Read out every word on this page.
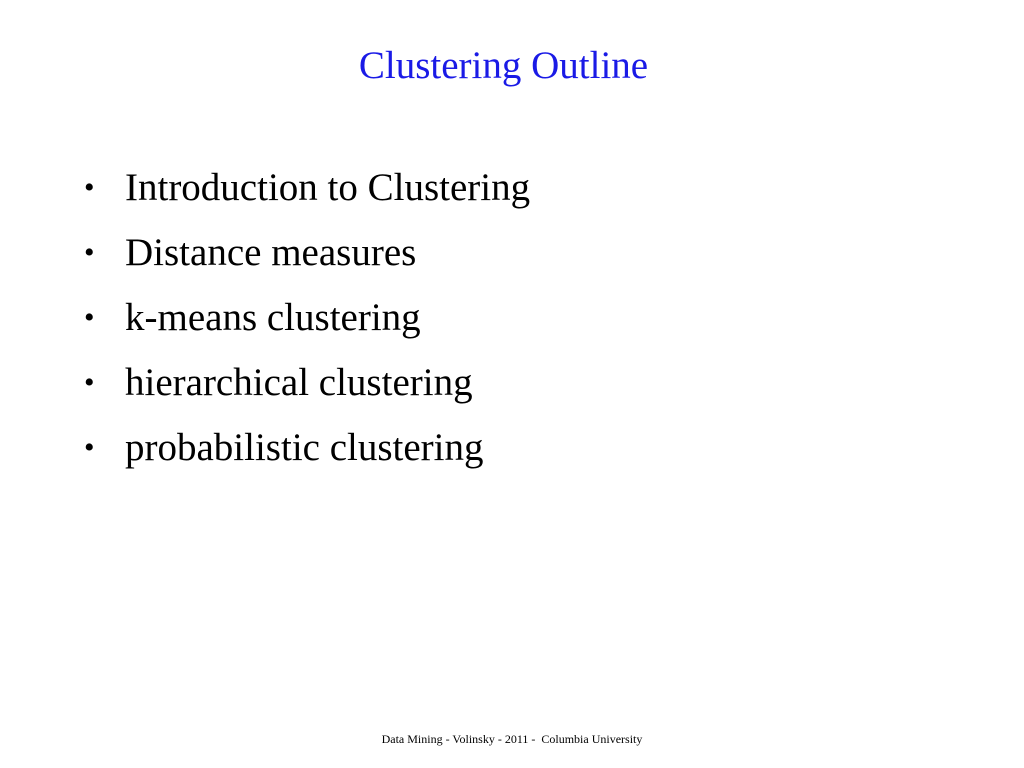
Clustering Outline
• Introduction to Clustering
• Distance measures
• k-means clustering
• hierarchical clustering
• probabilistic clustering
Data Mining - Volinsky - 2011 -  Columbia University
